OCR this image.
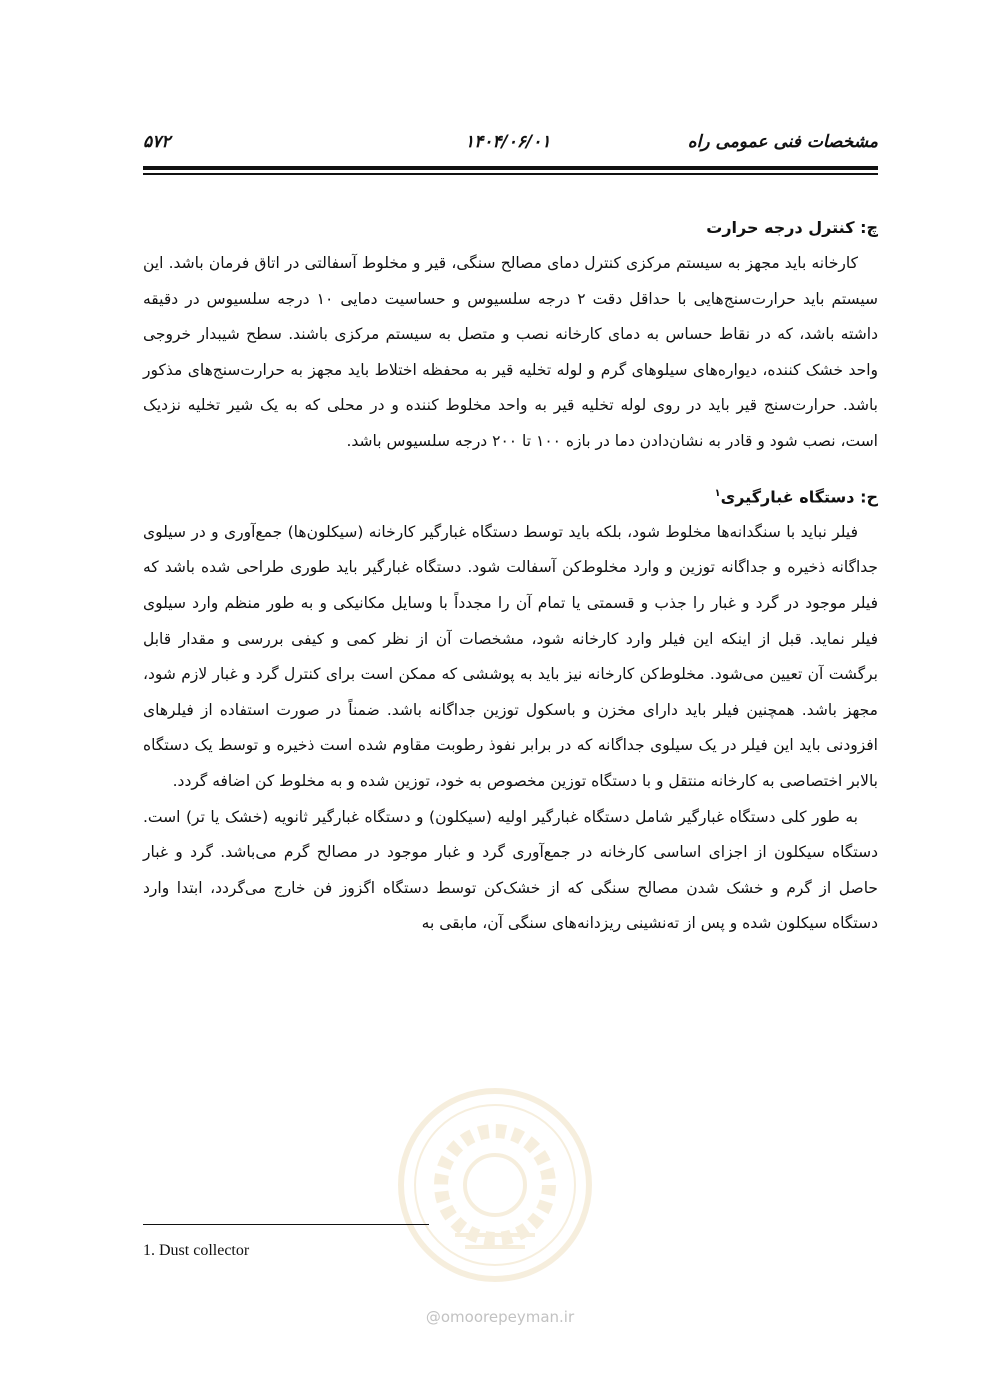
۵۷۲	۱۴۰۴/۰۶/۰۱	مشخصات فنی عمومی راه
چ: کنترل درجه حرارت

کارخانه باید مجهز به سیستم مرکزی کنترل دمای مصالح سنگی، قیر و مخلوط آسفالتی در اتاق فرمان باشد. این سیستم باید حرارت‌سنج‌هایی با حداقل دقت ۲ درجه سلسیوس و حساسیت دمایی ۱۰ درجه سلسیوس در دقیقه داشته باشد، که در نقاط حساس به دمای کارخانه نصب و متصل به سیستم مرکزی باشند. سطح شیبدار خروجی واحد خشک کننده، دیواره‌های سیلوهای گرم و لوله تخلیه قیر به محفظه اختلاط باید مجهز به حرارت‌سنج‌های مذکور باشد. حرارت‌سنج قیر باید در روی لوله تخلیه قیر به واحد مخلوط کننده و در محلی که به یک شیر تخلیه نزدیک است، نصب شود و قادر به نشان‌دادن دما در بازه ۱۰۰ تا ۲۰۰ درجه سلسیوس باشد.

ح: دستگاه غبارگیری$^۱$

فیلر نباید با سنگدانه‌ها مخلوط شود، بلکه باید توسط دستگاه غبارگیر کارخانه (سیکلون‌ها) جمع‌آوری و در سیلوی جداگانه ذخیره و جداگانه توزین و وارد مخلوط‌کن آسفالت شود. دستگاه غبارگیر باید طوری طراحی شده باشد که فیلر موجود در گرد و غبار را جذب و قسمتی یا تمام آن را مجدداً با وسایل مکانیکی و به طور منظم وارد سیلوی فیلر نماید. قبل از اینکه این فیلر وارد کارخانه شود، مشخصات آن از نظر کمی و کیفی بررسی و مقدار قابل برگشت آن تعیین می‌شود. مخلوط‌کن کارخانه نیز باید به پوششی که ممکن است برای کنترل گرد و غبار لازم شود، مجهز باشد. همچنین فیلر باید دارای مخزن و باسکول توزین جداگانه باشد. ضمناً در صورت استفاده از فیلرهای افزودنی باید این فیلر در یک سیلوی جداگانه که در برابر نفوذ رطوبت مقاوم شده است ذخیره و توسط یک دستگاه بالابر اختصاصی به کارخانه منتقل و با دستگاه توزین مخصوص به خود، توزین شده و به مخلوط کن اضافه گردد.

به طور کلی دستگاه غبارگیر شامل دستگاه غبارگیر اولیه (سیکلون) و دستگاه غبارگیر ثانویه (خشک یا تر) است. دستگاه سیکلون از اجزای اساسی کارخانه در جمع‌آوری گرد و غبار موجود در مصالح گرم می‌باشد. گرد و غبار حاصل از گرم و خشک شدن مصالح سنگی که از خشک‌کن توسط دستگاه اگزوز فن خارج می‌گردد، ابتدا وارد دستگاه سیکلون شده و پس از ته‌نشینی ریزدانه‌های سنگی آن، مابقی به

@omoorepeyman.ir
1. Dust collector
